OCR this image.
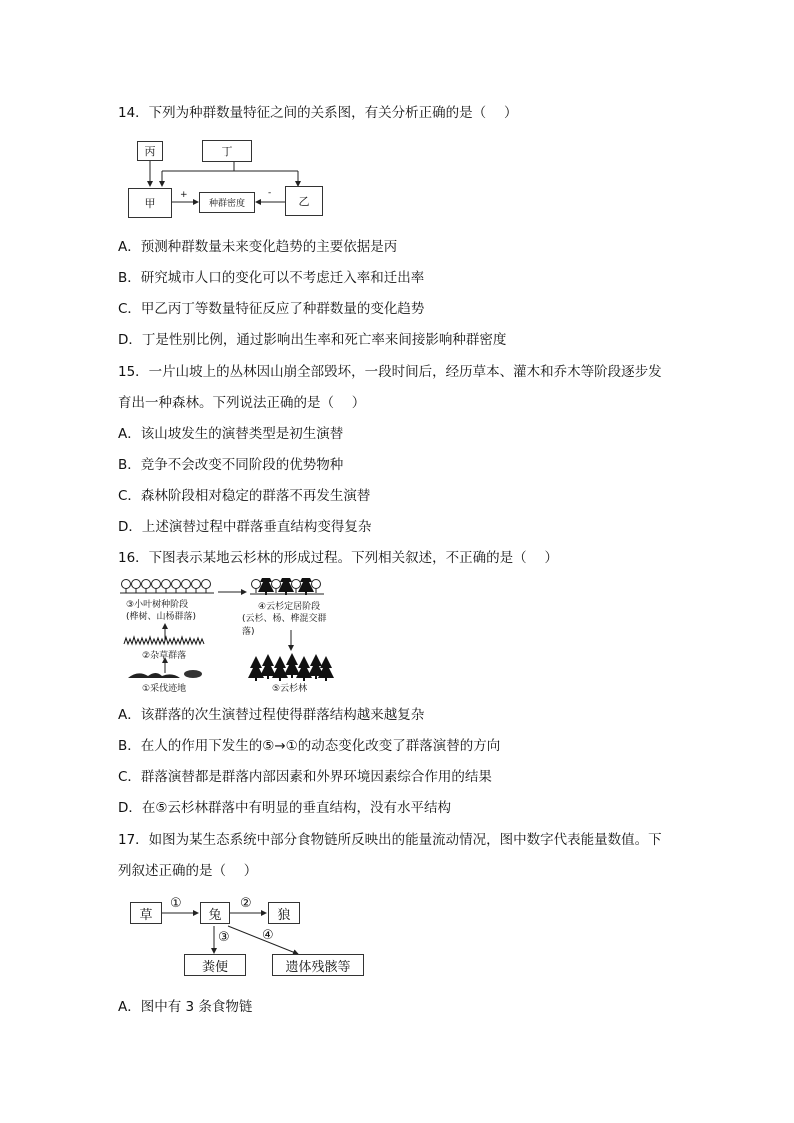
14．下列为种群数量特征之间的关系图，有关分析正确的是（　 ）
丙	丁
甲	种群密度	乙
+	-
A．预测种群数量未来变化趋势的主要依据是丙
B．研究城市人口的变化可以不考虑迁入率和迁出率
C．甲乙丙丁等数量特征反应了种群数量的变化趋势
D．丁是性别比例，通过影响出生率和死亡率来间接影响种群密度
15．一片山坡上的丛林因山崩全部毁坏，一段时间后，经历草本、灌木和乔木等阶段逐步发
育出一种森林。下列说法正确的是（　 ）
A．该山坡发生的演替类型是初生演替
B．竞争不会改变不同阶段的优势物种
C．森林阶段相对稳定的群落不再发生演替
D．上述演替过程中群落垂直结构变得复杂
16．下图表示某地云杉林的形成过程。下列相关叙述，不正确的是（　 ）
③小叶树种阶段
(桦树、山杨群落)
②杂草群落
①采伐迹地
④云杉定居阶段
(云杉、杨、桦混交群落)
⑤云杉林
A．该群落的次生演替过程使得群落结构越来越复杂
B．在人的作用下发生的⑤→①的动态变化改变了群落演替的方向
C．群落演替都是群落内部因素和外界环境因素综合作用的结果
D．在⑤云杉林群落中有明显的垂直结构，没有水平结构
17．如图为某生态系统中部分食物链所反映出的能量流动情况，图中数字代表能量数值。下
列叙述正确的是（　 ）
草	兔	狼
粪便	遗体残骸等
①	②
③ ④
A．图中有 3 条食物链
